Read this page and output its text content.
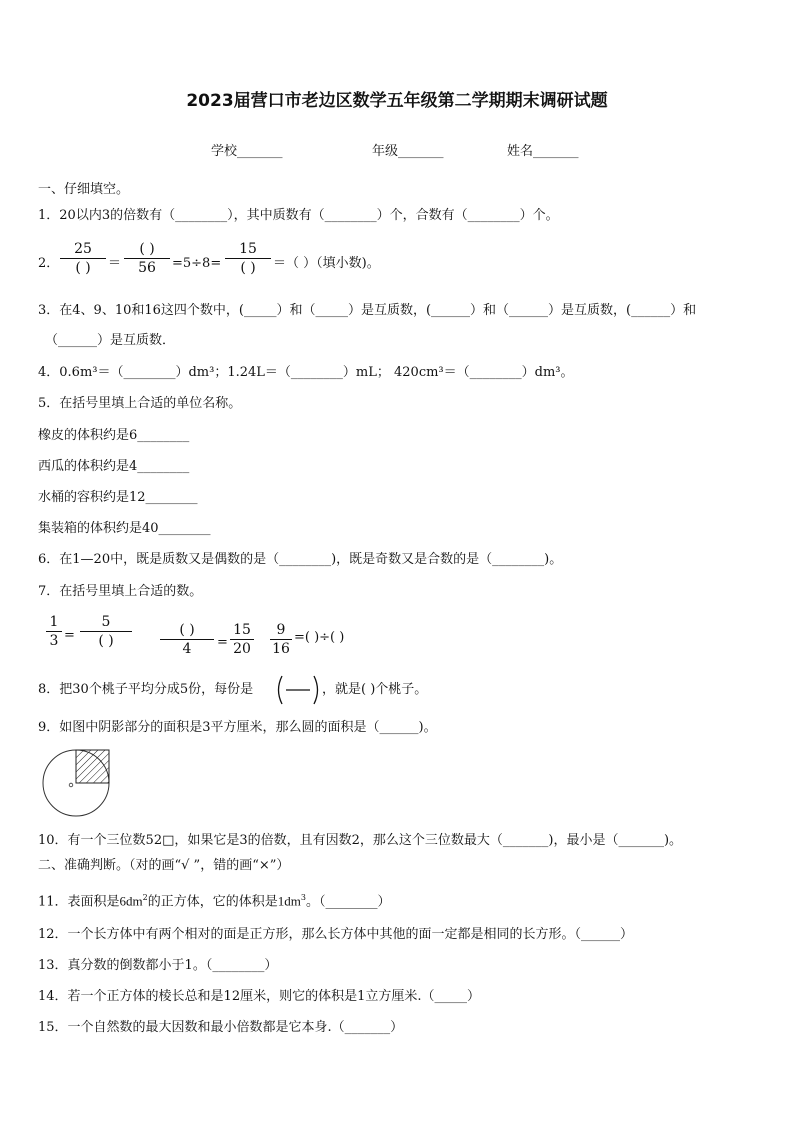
2023届营口市老边区数学五年级第二学期期末调研试题
学校_______	年级_______	姓名_______
一、仔细填空。
1．20以内3的倍数有（________），其中质数有（________）个，合数有（________）个。
2．
25
( )	＝
( )
56	=5÷8=
15
( )	＝（ ）（填小数)。
3．在4、9、10和16这四个数中，(_____）和（_____）是互质数，(______）和（______）是互质数，(______）和
（______）是互质数．
4．0.6m³＝（________）dm³；1.24L＝（________）mL； 420cm³＝（________）dm³。
5．在括号里填上合适的单位名称。
橡皮的体积约是6________
西瓜的体积约是4________
水桶的容积约是12________
集装箱的体积约是40________
6．在1—20中，既是质数又是偶数的是（________)，既是奇数又是合数的是（________)。
7．在括号里填上合适的数。
1
3 =
5
( )
( )
4	=
15
20
9
16
=( )÷( )
8．把30个桃子平均分成5份，每份是	，就是( )个桃子。
9．如图中阴影部分的面积是3平方厘米，那么圆的面积是（______)。
10．有一个三位数52□，如果它是3的倍数，且有因数2，那么这个三位数最大（_______)，最小是（_______)。
二、准确判断。（对的画“√ ”，错的画“×”）
11．表面积是$6dm^2$的正方体，它的体积是$1dm^3$。（________）
12．一个长方体中有两个相对的面是正方形，那么长方体中其他的面一定都是相同的长方形。（______）
13．真分数的倒数都小于1。（________）
14．若一个正方体的棱长总和是12厘米，则它的体积是1立方厘米.（_____）
15．一个自然数的最大因数和最小倍数都是它本身.（_______）
